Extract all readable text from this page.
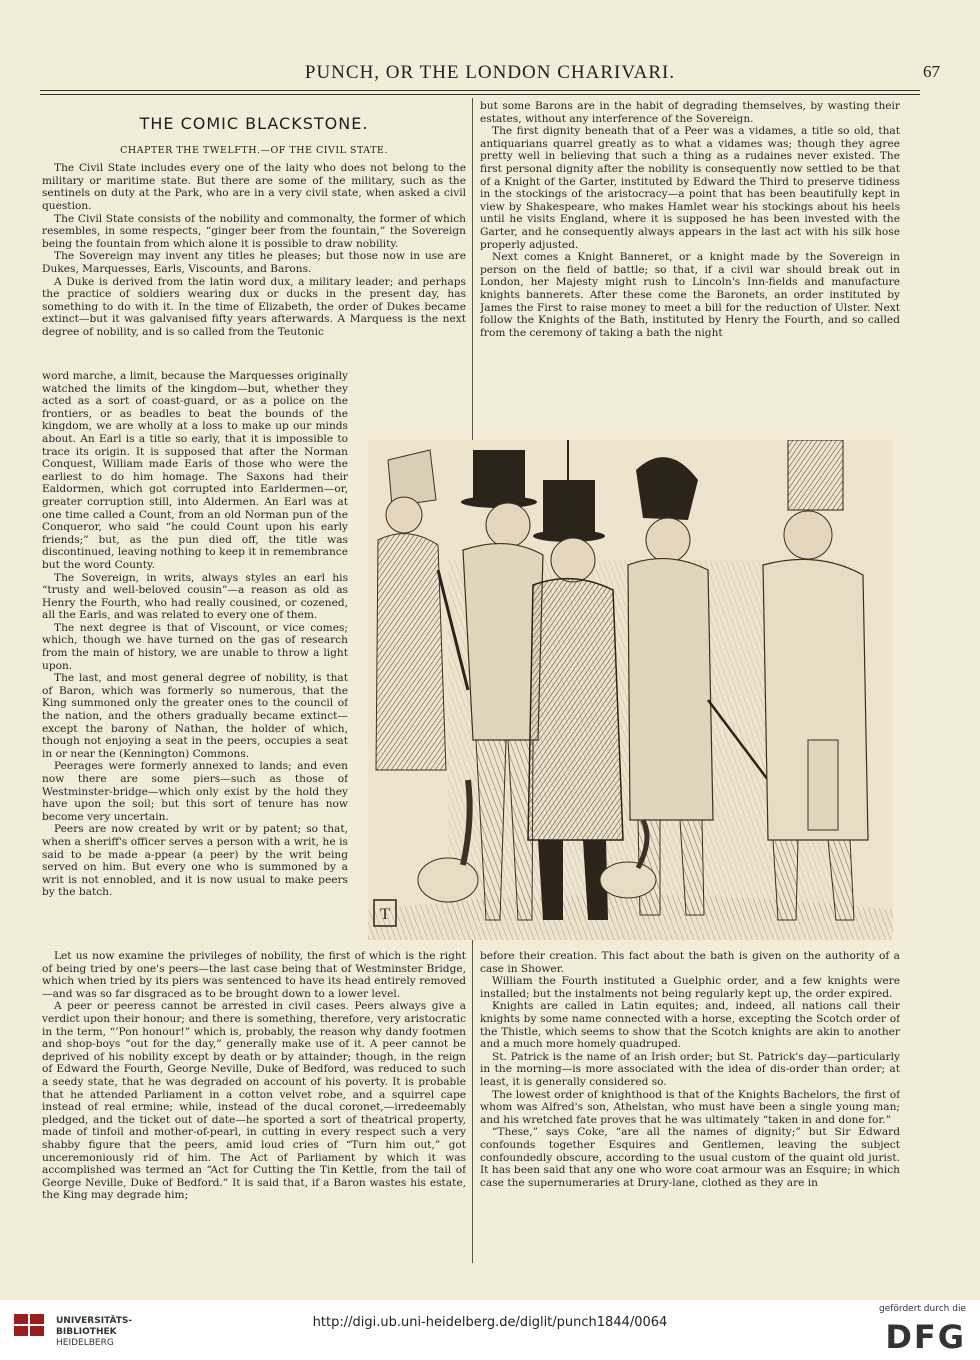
PUNCH, OR THE LONDON CHARIVARI.	67
THE COMIC BLACKSTONE.
CHAPTER THE TWELFTH.—OF THE CIVIL STATE.

The Civil State includes every one of the laity who does not belong to the military or maritime state. But there are some of the military, such as the sentinels on duty at the Park, who are in a very civil state, when asked a civil question.

The Civil State consists of the nobility and commonalty, the former of which resembles, in some respects, “ginger beer from the fountain,” the Sovereign being the fountain from which alone it is possible to draw nobility.

The Sovereign may invent any titles he pleases; but those now in use are Dukes, Marquesses, Earls, Viscounts, and Barons.

A Duke is derived from the latin word dux, a military leader; and perhaps the practice of soldiers wearing dux or ducks in the present day, has something to do with it. In the time of Elizabeth, the order of Dukes became extinct—but it was galvanised fifty years afterwards. A Marquess is the next degree of nobility, and is so called from the Teutonic

word marche, a limit, because the Marquesses originally watched the limits of the kingdom—but, whether they acted as a sort of coast-guard, or as a police on the frontiers, or as beadles to beat the bounds of the kingdom, we are wholly at a loss to make up our minds about. An Earl is a title so early, that it is impossible to trace its origin. It is supposed that after the Norman Conquest, William made Earls of those who were the earliest to do him homage. The Saxons had their Ealdormen, which got corrupted into Earldermen—or, greater corruption still, into Aldermen. An Earl was at one time called a Count, from an old Norman pun of the Conqueror, who said “he could Count upon his early friends;” but, as the pun died off, the title was discontinued, leaving nothing to keep it in remembrance but the word County.

The Sovereign, in writs, always styles an earl his “trusty and well-beloved cousin”—a reason as old as Henry the Fourth, who had really cousined, or cozened, all the Earls, and was related to every one of them.

The next degree is that of Viscount, or vice comes; which, though we have turned on the gas of research from the main of history, we are unable to throw a light upon.

The last, and most general degree of nobility, is that of Baron, which was formerly so numerous, that the King summoned only the greater ones to the council of the nation, and the others gradually became extinct—except the barony of Nathan, the holder of which, though not enjoying a seat in the peers, occupies a seat in or near the (Kennington) Commons.

Peerages were formerly annexed to lands; and even now there are some piers—such as those of Westminster-bridge—which only exist by the hold they have upon the soil; but this sort of tenure has now become very uncertain.

Peers are now created by writ or by patent; so that, when a sheriff's officer serves a person with a writ, he is said to be made a-ppear (a peer) by the writ being served on him. But every one who is summoned by a writ is not ennobled, and it is now usual to make peers by the batch.

Let us now examine the privileges of nobility, the first of which is the right of being tried by one's peers—the last case being that of Westminster Bridge, which when tried by its piers was sentenced to have its head entirely removed—and was so far disgraced as to be brought down to a lower level.

A peer or peeress cannot be arrested in civil cases. Peers always give a verdict upon their honour; and there is something, therefore, very aristocratic in the term, “’Pon honour!” which is, probably, the reason why dandy footmen and shop-boys “out for the day,” generally make use of it. A peer cannot be deprived of his nobility except by death or by attainder; though, in the reign of Edward the Fourth, George Neville, Duke of Bedford, was reduced to such a seedy state, that he was degraded on account of his poverty. It is probable that he attended Parliament in a cotton velvet robe, and a squirrel cape instead of real ermine; while, instead of the ducal coronet,—irredeemably pledged, and the ticket out of date—he sported a sort of theatrical property, made of tinfoil and mother-of-pearl, in cutting in every respect such a very shabby figure that the peers, amid loud cries of “Turn him out,” got unceremoniously rid of him. The Act of Parliament by which it was accomplished was termed an “Act for Cutting the Tin Kettle, from the tail of George Neville, Duke of Bedford.” It is said that, if a Baron wastes his estate, the King may degrade him;

but some Barons are in the habit of degrading themselves, by wasting their estates, without any interference of the Sovereign.

The first dignity beneath that of a Peer was a vidames, a title so old, that antiquarians quarrel greatly as to what a vidames was; though they agree pretty well in believing that such a thing as a rudaines never existed. The first personal dignity after the nobility is consequently now settled to be that of a Knight of the Garter, instituted by Edward the Third to preserve tidiness in the stockings of the aristocracy—a point that has been beautifully kept in view by Shakespeare, who makes Hamlet wear his stockings about his heels until he visits England, where it is supposed he has been invested with the Garter, and he consequently always appears in the last act with his silk hose properly adjusted.

Next comes a Knight Banneret, or a knight made by the Sovereign in person on the field of battle; so that, if a civil war should break out in London, her Majesty might rush to Lincoln's Inn-fields and manufacture knights bannerets. After these come the Baronets, an order instituted by James the First to raise money to meet a bill for the reduction of Ulster. Next follow the Knights of the Bath, instituted by Henry the Fourth, and so called from the ceremony of taking a bath the night

T

before their creation. This fact about the bath is given on the authority of a case in Shower.

William the Fourth instituted a Guelphic order, and a few knights were installed; but the instalments not being regularly kept up, the order expired.

Knights are called in Latin equites; and, indeed, all nations call their knights by some name connected with a horse, excepting the Scotch order of the Thistle, which seems to show that the Scotch knights are akin to another and a much more homely quadruped.

St. Patrick is the name of an Irish order; but St. Patrick's day—particularly in the morning—is more associated with the idea of dis-order than order; at least, it is generally considered so.

The lowest order of knighthood is that of the Knights Bachelors, the first of whom was Alfred's son, Athelstan, who must have been a single young man; and his wretched fate proves that he was ultimately “taken in and done for.”

“These,” says Coke, “are all the names of dignity;” but Sir Edward confounds together Esquires and Gentlemen, leaving the subject confoundedly obscure, according to the usual custom of the quaint old jurist. It has been said that any one who wore coat armour was an Esquire; in which case the supernumeraries at Drury-lane, clothed as they are in

UNIVERSITÄTS-
BIBLIOTHEK
HEIDELBERG
http://digi.ub.uni-heidelberg.de/diglit/punch1844/0064
gefördert durch die
DFG
